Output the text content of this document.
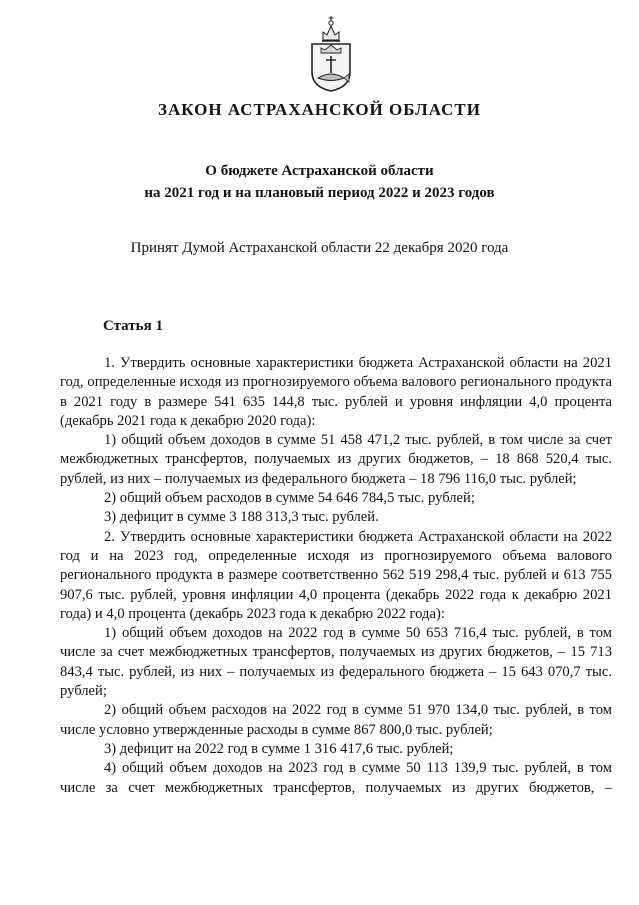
ЗАКОН АСТРАХАНСКОЙ ОБЛАСТИ
О бюджете Астраханской области
на 2021 год и на плановый период 2022 и 2023 годов
Принят Думой Астраханской области 22 декабря 2020 года
Статья 1

1. Утвердить основные характеристики бюджета Астраханской области на 2021 год, определенные исходя из прогнозируемого объема валового регионального продукта в 2021 году в размере 541 635 144,8 тыс. рублей и уровня инфляции 4,0 процента (декабрь 2021 года к декабрю 2020 года):

1) общий объем доходов в сумме 51 458 471,2 тыс. рублей, в том числе за счет межбюджетных трансфертов, получаемых из других бюджетов, – 18 868 520,4 тыс. рублей, из них – получаемых из федерального бюджета – 18 796 116,0 тыс. рублей;

2) общий объем расходов в сумме 54 646 784,5 тыс. рублей;

3) дефицит в сумме 3 188 313,3 тыс. рублей.

2. Утвердить основные характеристики бюджета Астраханской области на 2022 год и на 2023 год, определенные исходя из прогнозируемого объема валового регионального продукта в размере соответственно 562 519 298,4 тыс. рублей и 613 755 907,6 тыс. рублей, уровня инфляции 4,0 процента (декабрь 2022 года к декабрю 2021 года) и 4,0 процента (декабрь 2023 года к декабрю 2022 года):

1) общий объем доходов на 2022 год в сумме 50 653 716,4 тыс. рублей, в том числе за счет межбюджетных трансфертов, получаемых из других бюджетов, – 15 713 843,4 тыс. рублей, из них – получаемых из федерального бюджета – 15 643 070,7 тыс. рублей;

2) общий объем расходов на 2022 год в сумме 51 970 134,0 тыс. рублей, в том числе условно утвержденные расходы в сумме 867 800,0 тыс. рублей;

3) дефицит на 2022 год в сумме 1 316 417,6 тыс. рублей;

4) общий объем доходов на 2023 год в сумме 50 113 139,9 тыс. рублей, в том числе за счет межбюджетных трансфертов, получаемых из других бюджетов, –
